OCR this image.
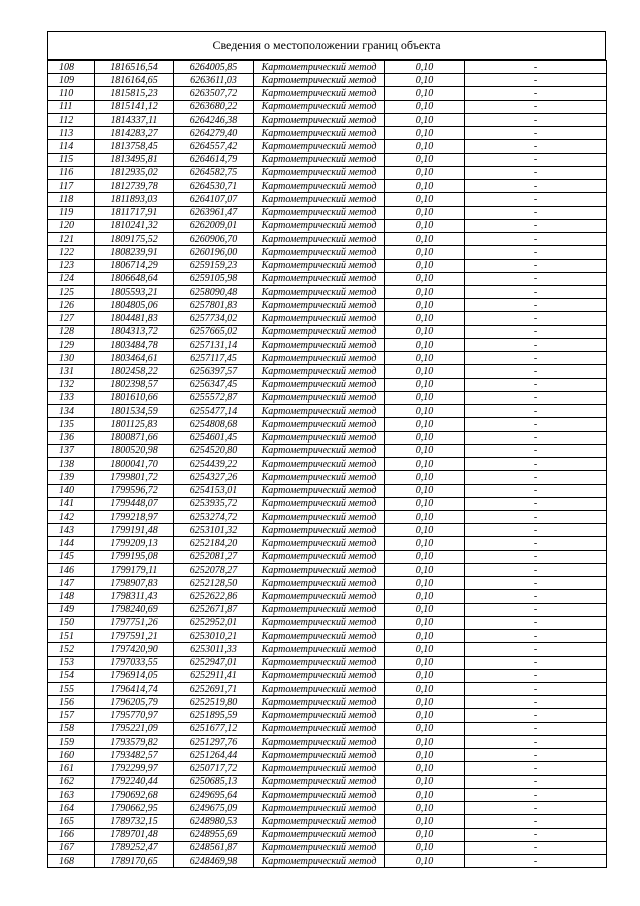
Сведения о местоположении границ объекта
108	1816516,54	6264005,85	Картометрический метод	0,10	-
109	1816164,65	6263611,03	Картометрический метод	0,10	-
110	1815815,23	6263507,72	Картометрический метод	0,10	-
111	1815141,12	6263680,22	Картометрический метод	0,10	-
112	1814337,11	6264246,38	Картометрический метод	0,10	-
113	1814283,27	6264279,40	Картометрический метод	0,10	-
114	1813758,45	6264557,42	Картометрический метод	0,10	-
115	1813495,81	6264614,79	Картометрический метод	0,10	-
116	1812935,02	6264582,75	Картометрический метод	0,10	-
117	1812739,78	6264530,71	Картометрический метод	0,10	-
118	1811893,03	6264107,07	Картометрический метод	0,10	-
119	1811717,91	6263961,47	Картометрический метод	0,10	-
120	1810241,32	6262009,01	Картометрический метод	0,10	-
121	1809175,52	6260906,70	Картометрический метод	0,10	-
122	1808239,91	6260196,00	Картометрический метод	0,10	-
123	1806714,29	6259159,23	Картометрический метод	0,10	-
124	1806648,64	6259105,98	Картометрический метод	0,10	-
125	1805593,21	6258090,48	Картометрический метод	0,10	-
126	1804805,06	6257801,83	Картометрический метод	0,10	-
127	1804481,83	6257734,02	Картометрический метод	0,10	-
128	1804313,72	6257665,02	Картометрический метод	0,10	-
129	1803484,78	6257131,14	Картометрический метод	0,10	-
130	1803464,61	6257117,45	Картометрический метод	0,10	-
131	1802458,22	6256397,57	Картометрический метод	0,10	-
132	1802398,57	6256347,45	Картометрический метод	0,10	-
133	1801610,66	6255572,87	Картометрический метод	0,10	-
134	1801534,59	6255477,14	Картометрический метод	0,10	-
135	1801125,83	6254808,68	Картометрический метод	0,10	-
136	1800871,66	6254601,45	Картометрический метод	0,10	-
137	1800520,98	6254520,80	Картометрический метод	0,10	-
138	1800041,70	6254439,22	Картометрический метод	0,10	-
139	1799801,72	6254327,26	Картометрический метод	0,10	-
140	1799596,72	6254153,01	Картометрический метод	0,10	-
141	1799448,07	6253935,72	Картометрический метод	0,10	-
142	1799218,97	6253274,72	Картометрический метод	0,10	-
143	1799191,48	6253101,32	Картометрический метод	0,10	-
144	1799209,13	6252184,20	Картометрический метод	0,10	-
145	1799195,08	6252081,27	Картометрический метод	0,10	-
146	1799179,11	6252078,27	Картометрический метод	0,10	-
147	1798907,83	6252128,50	Картометрический метод	0,10	-
148	1798311,43	6252622,86	Картометрический метод	0,10	-
149	1798240,69	6252671,87	Картометрический метод	0,10	-
150	1797751,26	6252952,01	Картометрический метод	0,10	-
151	1797591,21	6253010,21	Картометрический метод	0,10	-
152	1797420,90	6253011,33	Картометрический метод	0,10	-
153	1797033,55	6252947,01	Картометрический метод	0,10	-
154	1796914,05	6252911,41	Картометрический метод	0,10	-
155	1796414,74	6252691,71	Картометрический метод	0,10	-
156	1796205,79	6252519,80	Картометрический метод	0,10	-
157	1795770,97	6251895,59	Картометрический метод	0,10	-
158	1795221,09	6251677,12	Картометрический метод	0,10	-
159	1793579,82	6251297,76	Картометрический метод	0,10	-
160	1793482,57	6251264,44	Картометрический метод	0,10	-
161	1792299,97	6250717,72	Картометрический метод	0,10	-
162	1792240,44	6250685,13	Картометрический метод	0,10	-
163	1790692,68	6249695,64	Картометрический метод	0,10	-
164	1790662,95	6249675,09	Картометрический метод	0,10	-
165	1789732,15	6248980,53	Картометрический метод	0,10	-
166	1789701,48	6248955,69	Картометрический метод	0,10	-
167	1789252,47	6248561,87	Картометрический метод	0,10	-
168	1789170,65	6248469,98	Картометрический метод	0,10	-
